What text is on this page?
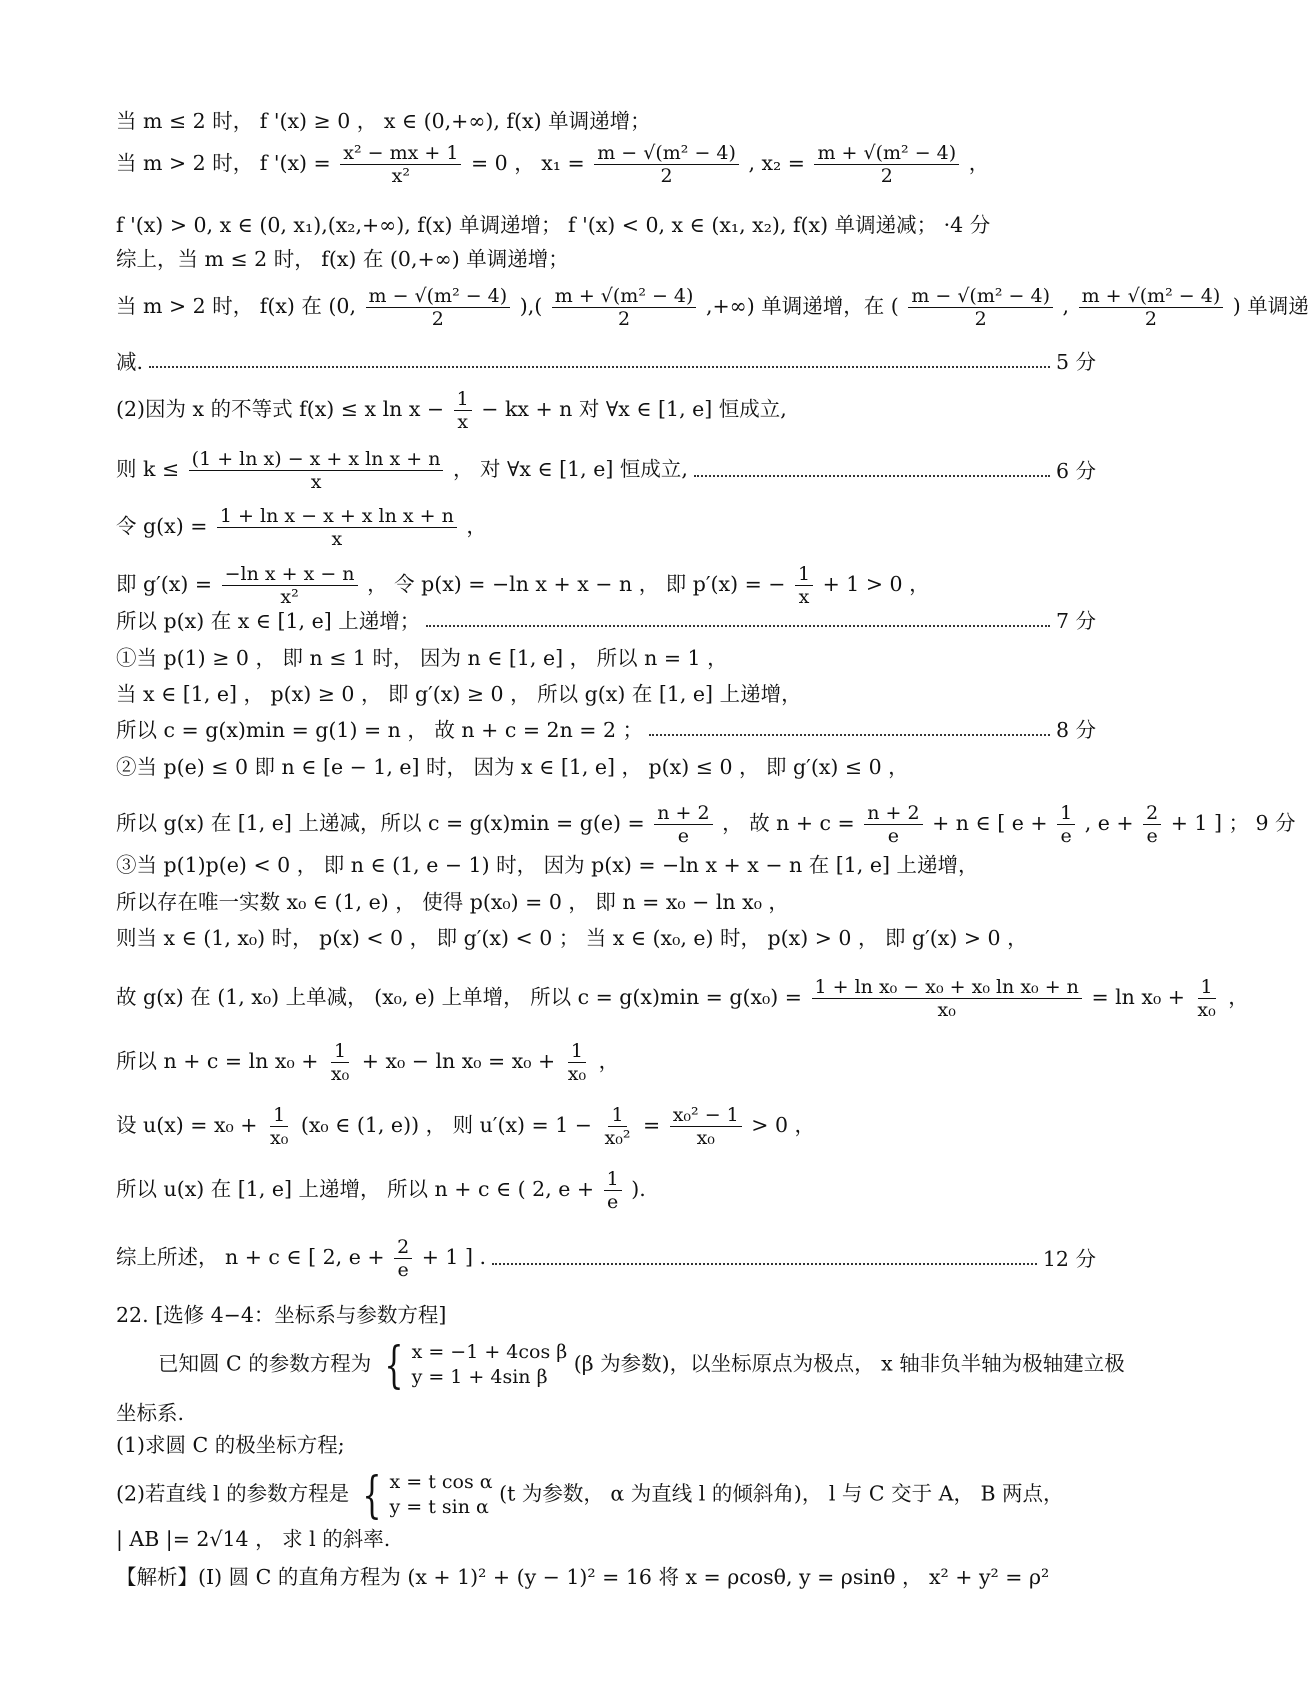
当 m ≤ 2 时， f '(x) ≥ 0 ， x ∈ (0,+∞), f(x) 单调递增；
当 m > 2 时， f '$(x) = \frac{\text{x² − mx + 1}}{\text{x²}} = 0$ ， $x_1 = \frac{\text{m − √(m² − 4)}}{2}$ , $x_2 = \frac{\text{m + √(m² − 4)}}{2}$ ，
f '(x) > 0, x ∈ (0, x₁),(x₂,+∞), f(x) 单调递增； f '(x) < 0, x ∈ (x₁, x₂), f(x) 单调递减； ·4 分
综上，当 m ≤ 2 时， f(x) 在 (0,+∞) 单调递增；
当 m > 2 时， f(x) 在 (0, $\frac{\text{m − √(m² − 4)}}{2}$ ),( $\frac{\text{m + √(m² − 4)}}{2}$ ,+∞) 单调递增，在 ( $\frac{\text{m − √(m² − 4)}}{2}$ , $\frac{\text{m + √(m² − 4)}}{2}$ ) 单调递
减.	5 分
(2)因为 x 的不等式 f(x) ≤ x $\ln x - \frac{1}{x}$ − kx + n 对 ∀x ∈ [1, e] 恒成立,
则 $k \le \frac{\text{(1 + ln x) − x + x ln x + n}}{x}$ ， 对 ∀x ∈ [1, e] 恒成立,	6 分
令 $g(x) = \frac{\text{1 + ln x − x + x ln x + n}}{x}$ ，
即 $g'(x) = \frac{\text{−ln x + x − n}}{\text{x²}}$ ， 令 p(x) = −ln x + x − n ， 即 p′(x) = − $\frac{1}{x} + 1 > 0$ ，
所以 p(x) 在 x ∈ [1, e] 上递增；	7 分
①当 p(1) ≥ 0 ， 即 n ≤ 1 时， 因为 n ∈ [1, e] ， 所以 n = 1 ，
当 x ∈ [1, e] ， p(x) ≥ 0 ， 即 g′(x) ≥ 0 ， 所以 g(x) 在 [1, e] 上递增，
所以 c = g(x)min = g(1) = n ， 故 n + c = 2n = 2 ；	8 分
②当 p(e) ≤ 0 即 n ∈ [e − 1, e] 时， 因为 x ∈ [1, e] ， p(x) ≤ 0 ， 即 g′(x) ≤ 0 ，
所以 g(x) 在 [1, e] 上递减，所以 $c = g(x)\min = g(e) = \frac{n + 2}{e}$ ， 故 $n + c = \frac{n + 2}{e} + n$ ∈ [ $e + \frac{1}{e}$ , $e + \frac{2}{e} + 1$ ] ； 9 分
③当 p(1)p(e) < 0 ， 即 n ∈ (1, e − 1) 时， 因为 p(x) = −ln x + x − n 在 [1, e] 上递增，
所以存在唯一实数 x₀ ∈ (1, e) ， 使得 p(x₀) = 0 ， 即 n = x₀ − ln x₀ ，
则当 x ∈ (1, x₀) 时， p(x) < 0 ， 即 g′(x) < 0 ； 当 x ∈ (x₀, e) 时， p(x) > 0 ， 即 g′(x) > 0 ，
故 g(x) 在 (1, x₀) 上单减， (x₀, e) 上单增， 所以 $c = g(x)\min = g(x_0) = \frac{\text{1 + ln x₀ − x₀ + x₀ ln x₀ + n}}{\text{x₀}} = \ln x_0 + \frac{1}{\text{x₀}}$ ，
所以 $n + c = \ln x_0 + \frac{1}{\text{x₀}} + x_0 - \ln x_0 = x_0 + \frac{1}{\text{x₀}}$ ，
设 $u(x) = x_0 + \frac{1}{\text{x₀}} (x_0$ ∈ (1, e)) ， 则 $u'(x) = 1 - \frac{1}{\text{x₀²}} = \frac{\text{x₀² − 1}}{\text{x₀}} > 0$ ，
所以 u(x) 在 [1, e] 上递增， 所以 n + c ∈ ( 2, $e + \frac{1}{e}$ ).
综上所述， n + c ∈ [ 2, $e + \frac{2}{e} + 1$ ] .	12 分
22. [选修 4−4：坐标系与参数方程]
已知圆 C 的参数方程为 { x = −1 + 4cos β
y = 1 + 4sin β
(β 为参数)，以坐标原点为极点， x 轴非负半轴为极轴建立极
坐标系.
(1)求圆 C 的极坐标方程;
(2)若直线 l 的参数方程是 { x = t cos α
y = t sin α
(t 为参数， α 为直线 l 的倾斜角)， l 与 C 交于 A， B 两点，
| AB |= 2√14 ， 求 l 的斜率.
【解析】(I) 圆 C 的直角方程为 (x + 1)² + (y − 1)² = 16 将 x = ρcosθ, y = ρsinθ ， x² + y² = ρ²
